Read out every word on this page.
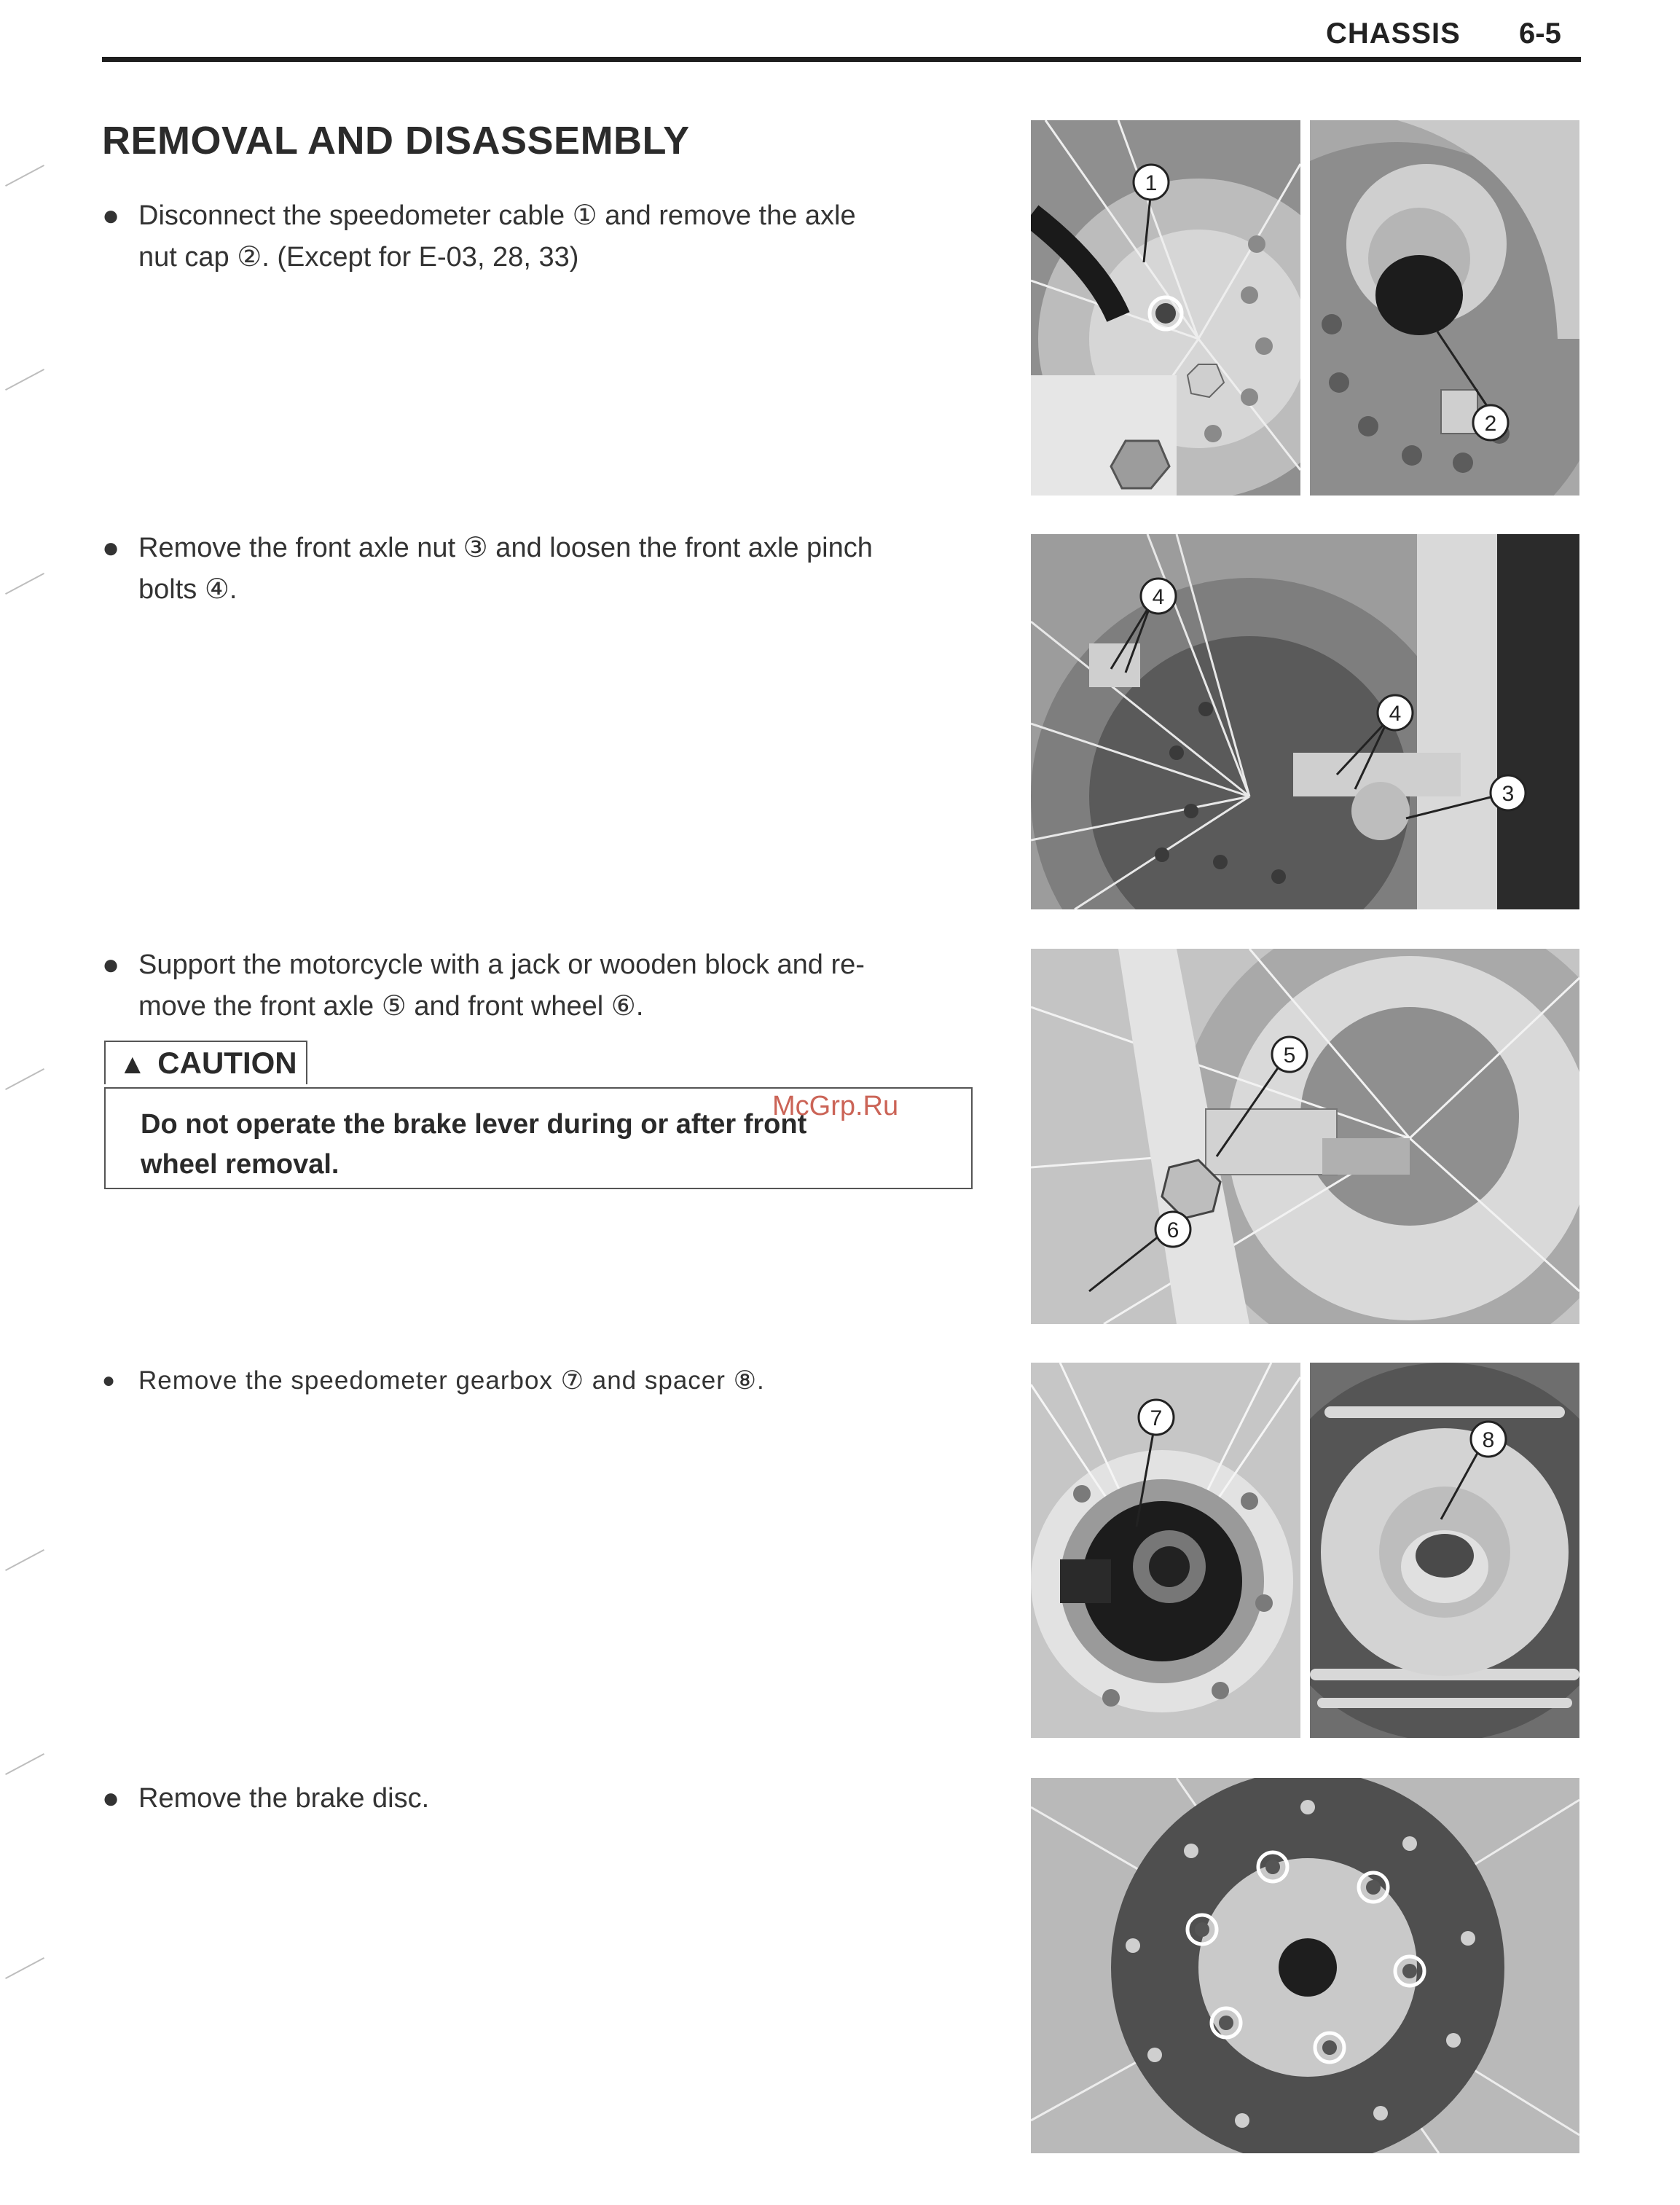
CHASSIS 6-5
REMOVAL AND DISASSEMBLY
● Disconnect the speedometer cable ① and remove the axle
nut cap ②. (Except for E-03, 28, 33)
● Remove the front axle nut ③ and loosen the front axle pinch
bolts ④.
● Support the motorcycle with a jack or wooden block and re-
move the front axle ⑤ and front wheel ⑥.
▲ CAUTION
Do not operate the brake lever during or after front
wheel removal.
McGrp.Ru
● Remove the speedometer gearbox ⑦ and spacer ⑧.
● Remove the brake disc.
1
2
4
4
3
5
6
7
8
